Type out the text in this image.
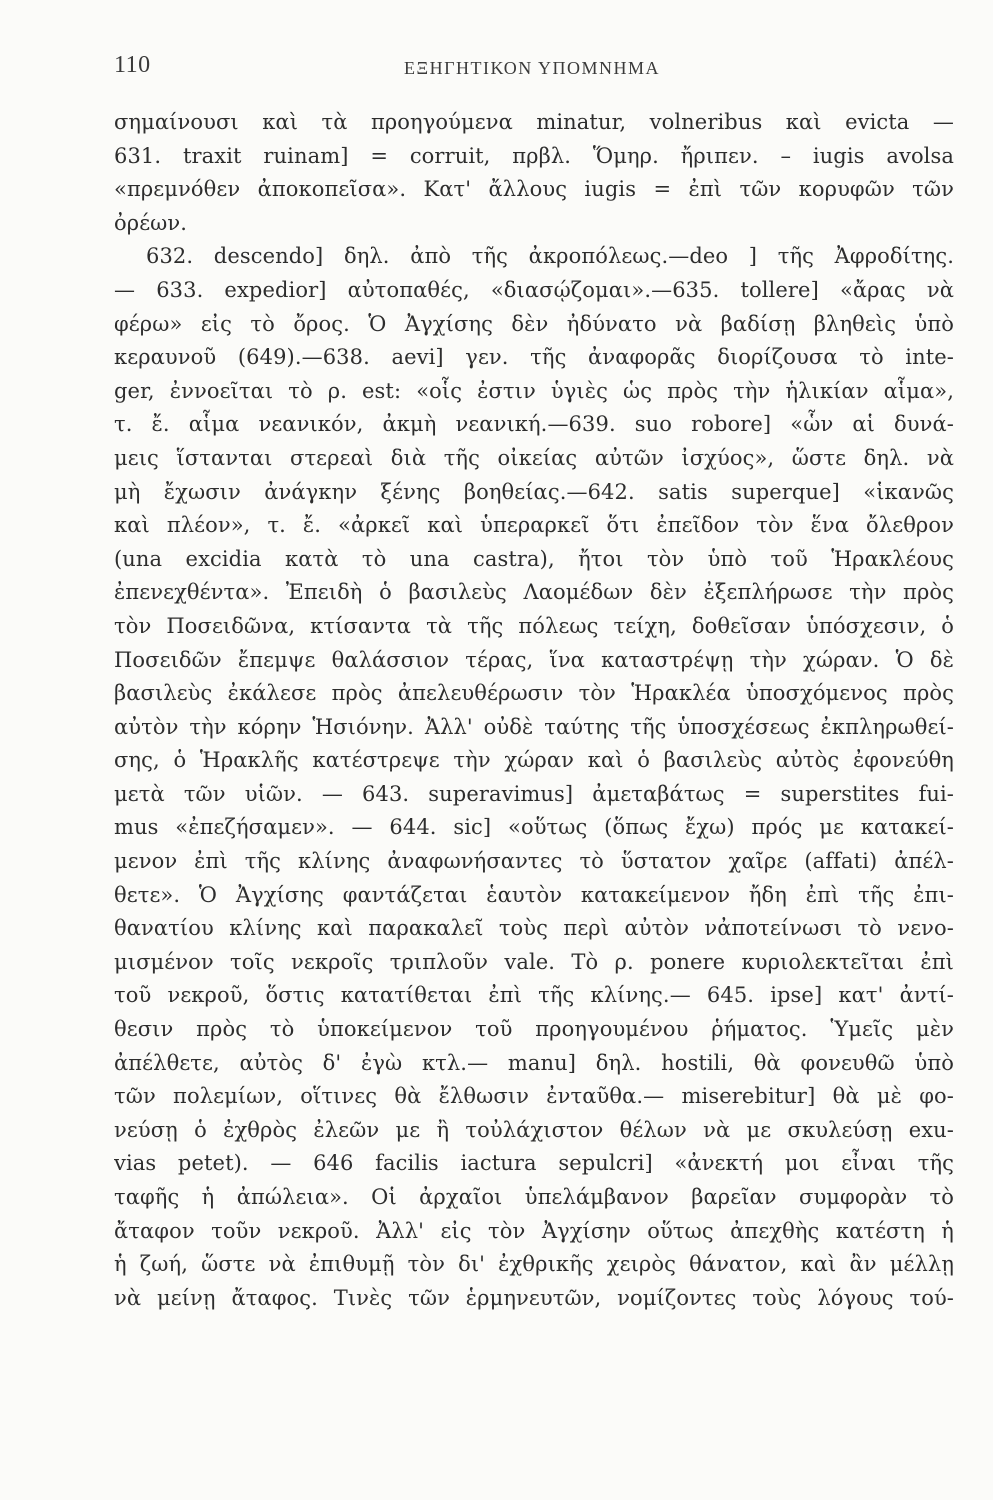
110	ΕΞΗΓΗΤΙΚΟΝ ΥΠΟΜΝΗΜΑ
σημαίνουσι καὶ τὰ προηγούμενα minatur, volneribus καὶ evicta —
631. traxit ruinam] = corruit, πρβλ. Ὅμηρ. ἤριπεν. – iugis avolsa
«πρεμνόθεν ἀποκοπεῖσα». Κατ' ἄλλους iugis = ἐπὶ τῶν κορυφῶν τῶν
ὀρέων.
632. descendo] δηλ. ἀπὸ τῆς ἀκροπόλεως.—deo ] τῆς Ἀφροδίτης.
— 633. expedior] αὐτοπαθές, «διασῴζομαι».—635. tollere] «ἄρας νὰ
φέρω» εἰς τὸ ὄρος. Ὁ Ἀγχίσης δὲν ἠδύνατο νὰ βαδίσῃ βληθεὶς ὑπὸ
κεραυνοῦ (649).—638. aevi] γεν. τῆς ἀναφορᾶς διορίζουσα τὸ inte-
ger, ἐννοεῖται τὸ ρ. est: «οἷς ἐστιν ὑγιὲς ὡς πρὸς τὴν ἡλικίαν αἷμα»,
τ. ἔ. αἷμα νεανικόν, ἀκμὴ νεανική.—639. suo robore] «ὧν αἱ δυνά-
μεις ἵστανται στερεαὶ διὰ τῆς οἰκείας αὐτῶν ἰσχύος», ὥστε δηλ. νὰ
μὴ ἔχωσιν ἀνάγκην ξένης βοηθείας.—642. satis superque] «ἱκανῶς
καὶ πλέον», τ. ἔ. «ἀρκεῖ καὶ ὑπεραρκεῖ ὅτι ἐπεῖδον τὸν ἕνα ὄλεθρον
(una excidia κατὰ τὸ una castra), ἤτοι τὸν ὑπὸ τοῦ Ἡρακλέους
ἐπενεχθέντα». Ἐπειδὴ ὁ βασιλεὺς Λαομέδων δὲν ἐξεπλήρωσε τὴν πρὸς
τὸν Ποσειδῶνα, κτίσαντα τὰ τῆς πόλεως τείχη, δοθεῖσαν ὑπόσχεσιν, ὁ
Ποσειδῶν ἔπεμψε θαλάσσιον τέρας, ἵνα καταστρέψῃ τὴν χώραν. Ὁ δὲ
βασιλεὺς ἐκάλεσε πρὸς ἀπελευθέρωσιν τὸν Ἡρακλέα ὑποσχόμενος πρὸς
αὐτὸν τὴν κόρην Ἡσιόνην. Ἀλλ' οὐδὲ ταύτης τῆς ὑποσχέσεως ἐκπληρωθεί-
σης, ὁ Ἡρακλῆς κατέστρεψε τὴν χώραν καὶ ὁ βασιλεὺς αὐτὸς ἐφονεύθη
μετὰ τῶν υἱῶν. — 643. superavimus] ἀμεταβάτως = superstites fui-
mus «ἐπεζήσαμεν». — 644. sic] «οὕτως (ὅπως ἔχω) πρός με κατακεί-
μενον ἐπὶ τῆς κλίνης ἀναφωνήσαντες τὸ ὕστατον χαῖρε (affati) ἀπέλ-
θετε». Ὁ Ἀγχίσης φαντάζεται ἑαυτὸν κατακείμενον ἤδη ἐπὶ τῆς ἐπι-
θανατίου κλίνης καὶ παρακαλεῖ τοὺς περὶ αὐτὸν νἀποτείνωσι τὸ νενο-
μισμένον τοῖς νεκροῖς τριπλοῦν vale. Τὸ ρ. ponere κυριολεκτεῖται ἐπὶ
τοῦ νεκροῦ, ὅστις κατατίθεται ἐπὶ τῆς κλίνης.— 645. ipse] κατ' ἀντί-
θεσιν πρὸς τὸ ὑποκείμενον τοῦ προηγουμένου ῥήματος. Ὑμεῖς μὲν
ἀπέλθετε, αὐτὸς δ' ἐγὼ κτλ.— manu] δηλ. hostili, θὰ φονευθῶ ὑπὸ
τῶν πολεμίων, οἵτινες θὰ ἔλθωσιν ἐνταῦθα.— miserebitur] θὰ μὲ φο-
νεύσῃ ὁ ἐχθρὸς ἐλεῶν με ἢ τοὐλάχιστον θέλων νὰ με σκυλεύσῃ exu-
vias petet). — 646 facilis iactura sepulcri] «ἀνεκτή μοι εἶναι τῆς
ταφῆς ἡ ἀπώλεια». Οἱ ἀρχαῖοι ὑπελάμβανον βαρεῖαν συμφορὰν τὸ
ἄταφον τοῦν νεκροῦ. Ἀλλ' εἰς τὸν Ἀγχίσην οὕτως ἀπεχθὴς κατέστη ἡ
ἡ ζωή, ὥστε νὰ ἐπιθυμῇ τὸν δι' ἐχθρικῆς χειρὸς θάνατον, καὶ ἂν μέλλῃ
νὰ μείνῃ ἄταφος. Τινὲς τῶν ἑρμηνευτῶν, νομίζοντες τοὺς λόγους τού-
